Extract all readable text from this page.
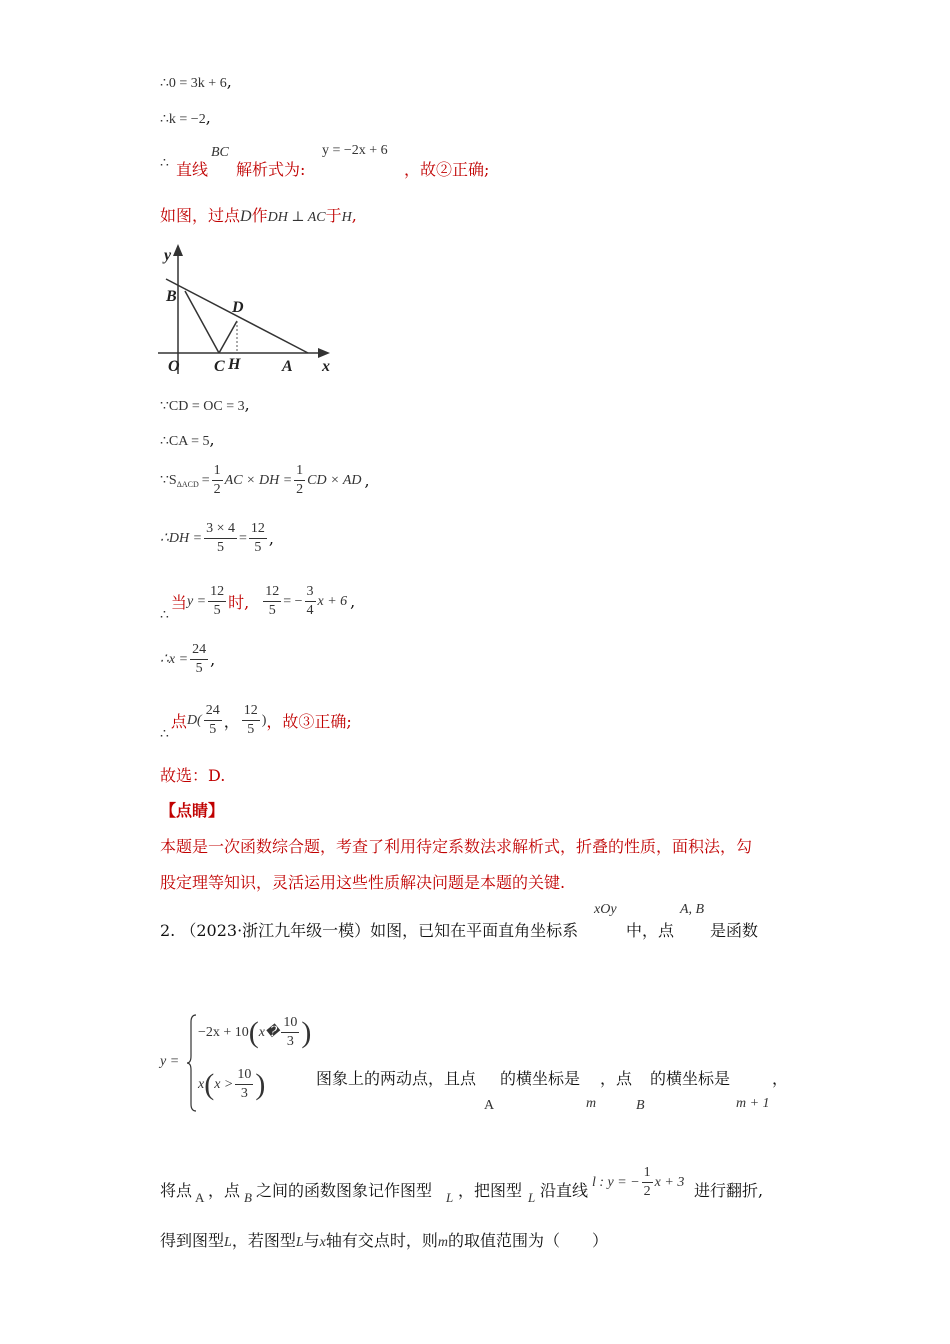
∴0 = 3k + 6,
∴k = −2,
∴ 直线
BC
解析式为:
y = −2x + 6
，故②正确;
如图，过点D作DH ⊥ AC于H,
y
B
D
O C H	A x
∵CD = OC = 3,
∴CA = 5,
∵S $\Delta ACD = \frac{1}{2}$ AC × DH = $\frac{1}{2}$ CD × AD ,
∴DH = $\frac{3 \times 4}{5} = \frac{12}{5}$ ,
∴
当 $y = \frac{12}{5}$ 时, $\frac{12}{5}$ = − $\frac{3}{4}$ x + 6 ,
∴x = $\frac{24}{5}$ ,
∴
点 $D( \frac{24}{5}$ ， $\frac{12}{5}$ ) ，故③正确;
故选：D.
【点睛】
本题是一次函数综合题，考查了利用待定系数法求解析式，折叠的性质，面积法，勾
股定理等知识，灵活运用这些性质解决问题是本题的关键.
2. （2023·浙江九年级一模）如图，已知在平面直角坐标系
xOy
中，点
A, B
是函数
y =
−2x + 10 ( x� $\frac{10}{3}$ )
x ( $x > \frac{10}{3}$ )	图象上的两动点，且点
A
的横坐标是 ，点
m	B
的横坐标是	，
m + 1
将点 A ，点 B 之间的函数图象记作图型 L ，把图型 L 沿直线 l : y = − $\frac{1}{2}$ x + 3 进行翻折,
得到图型L，若图型L与x轴有交点时，则m的取值范围为（　　）
